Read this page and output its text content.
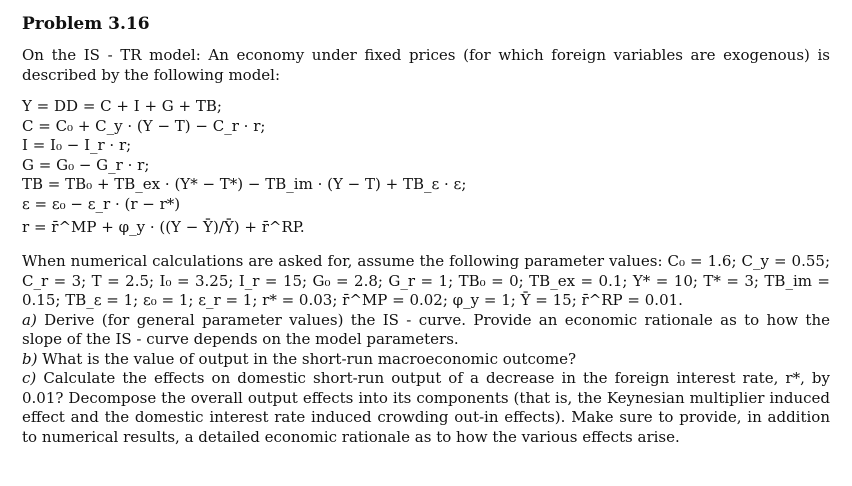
Problem 3.16

On the IS - TR model: An economy under fixed prices (for which foreign variables are exogenous) is described by the following model:

Y = DD = C + I + G + TB;
C = C₀ + C_y · (Y − T) − C_r · r;
I = I₀ − I_r · r;
G = G₀ − G_r · r;
TB = TB₀ + TB_ex · (Y* − T*) − TB_im · (Y − T) + TB_ε · ε;
ε = ε₀ − ε_r · (r − r*)
r = r̄^MP + φ_y · ((Y − Ȳ)/Ȳ) + r̄^RP.

When numerical calculations are asked for, assume the following parameter values: C₀ = 1.6; C_y = 0.55; C_r = 3; T = 2.5; I₀ = 3.25; I_r = 15; G₀ = 2.8; G_r = 1; TB₀ = 0; TB_ex = 0.1; Y* = 10; T* = 3; TB_im = 0.15; TB_ε = 1; ε₀ = 1; ε_r = 1; r* = 0.03; r̄^MP = 0.02; φ_y = 1; Ȳ = 15; r̄^RP = 0.01.

a) Derive (for general parameter values) the IS - curve. Provide an economic rationale as to how the slope of the IS - curve depends on the model parameters.

b) What is the value of output in the short-run macroeconomic outcome?

c) Calculate the effects on domestic short-run output of a decrease in the foreign interest rate, r*, by 0.01? Decompose the overall output effects into its components (that is, the Keynesian multiplier induced effect and the domestic interest rate induced crowding out-in effects). Make sure to provide, in addition to numerical results, a detailed economic rationale as to how the various effects arise.
